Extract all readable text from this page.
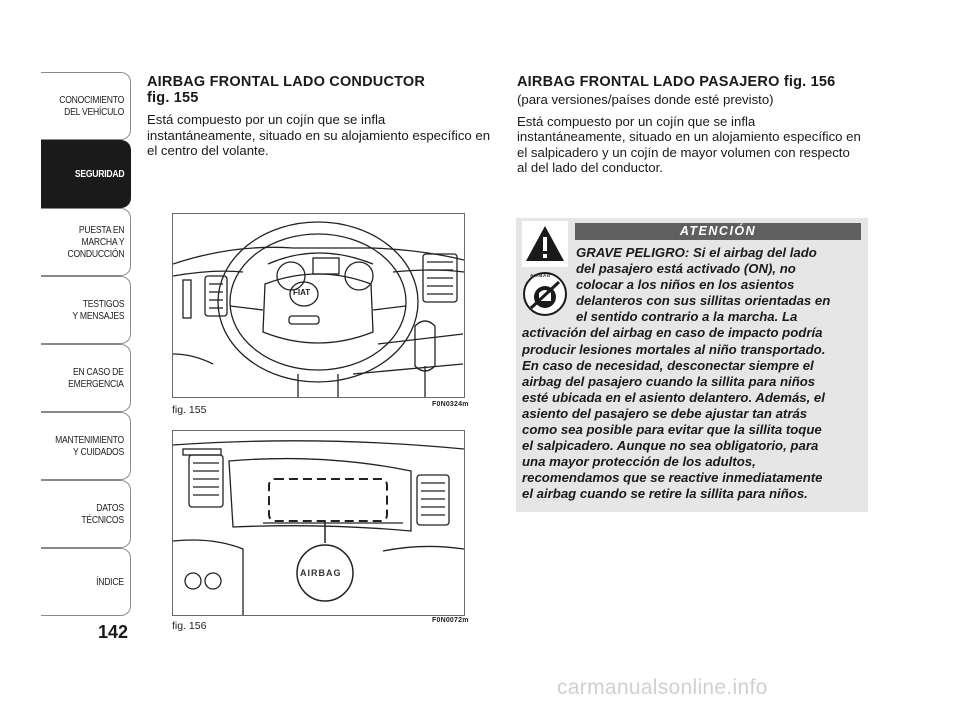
CONOCIMIENTO
DEL VEHÍCULO
SEGURIDAD
PUESTA EN
MARCHA Y
CONDUCCIÓN
TESTIGOS
Y MENSAJES
EN CASO DE
EMERGENCIA
MANTENIMIENTO
Y CUIDADOS
DATOS
TÉCNICOS
ÍNDICE
142

AIRBAG FRONTAL LADO CONDUCTOR
fig. 155

Está compuesto por un cojín que se infla instantáneamente, situado en su alojamiento específico en el centro del volante.

AIRBAG FRONTAL LADO PASAJERO fig. 156

(para versiones/países donde esté previsto)

Está compuesto por un cojín que se infla instantáneamente, situado en un alojamiento específico en el salpicadero y un cojín de mayor volumen con respecto al del lado del conductor.

FIAT
fig. 155	F0N0324m
AIRBAG
fig. 156	F0N0072m
ATENCIÓN
AIRBAG
GRAVE PELIGRO: Si el airbag del lado
del pasajero está activado (ON), no
colocar a los niños en los asientos
delanteros con sus sillitas orientadas en
el sentido contrario a la marcha. La
activación del airbag en caso de impacto podría
producir lesiones mortales al niño transportado.
En caso de necesidad, desconectar siempre el
airbag del pasajero cuando la sillita para niños
esté ubicada en el asiento delantero. Además, el
asiento del pasajero se debe ajustar tan atrás
como sea posible para evitar que la sillita toque
el salpicadero. Aunque no sea obligatorio, para
una mayor protección de los adultos,
recomendamos que se reactive inmediatamente
el airbag cuando se retire la sillita para niños.
carmanualsonline.info
